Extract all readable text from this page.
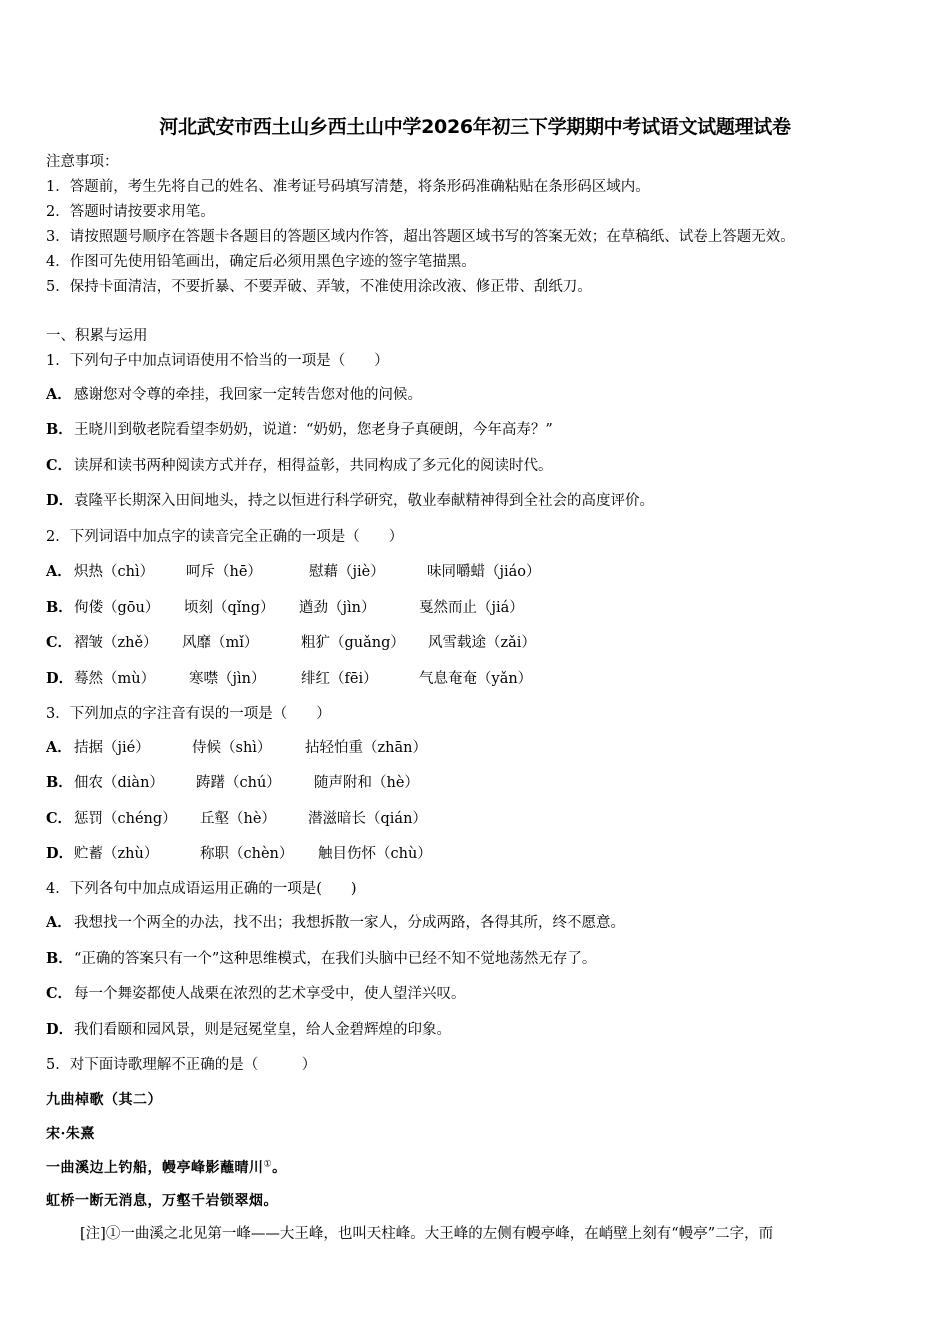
河北武安市西土山乡西土山中学2026年初三下学期期中考试语文试题理试卷
注意事项：
1．答题前，考生先将自己的姓名、准考证号码填写清楚，将条形码准确粘贴在条形码区域内。
2．答题时请按要求用笔。
3．请按照题号顺序在答题卡各题目的答题区域内作答，超出答题区域书写的答案无效；在草稿纸、试卷上答题无效。
4．作图可先使用铅笔画出，确定后必须用黑色字迹的签字笔描黑。
5．保持卡面清洁，不要折暴、不要弄破、弄皱，不准使用涂改液、修正带、刮纸刀。
一、积累与运用
1．下列句子中加点词语使用不恰当的一项是（　　）
A． 感谢您对令尊的牵挂，我回家一定转告您对他的问候。
B．王晓川到敬老院看望李奶奶，说道：“奶奶，您老身子真硬朗，今年高寿？”
C． 读屏和读书两种阅读方式并存，相得益彰，共同构成了多元化的阅读时代。
D．袁隆平长期深入田间地头，持之以恒进行科学研究，敬业奉献精神得到全社会的高度评价。
2．下列词语中加点字的读音完全正确的一项是（　　）
A． 炽热（chì） 呵斥（hē）	慰藉（jiè）	味同嚼蜡（jiáo）
B．佝偻（gōu） 顷刻（qǐng） 遒劲（jìn）	戛然而止（jiá）
C． 褶皱（zhě） 风靡（mǐ）	粗犷（guǎng） 风雪载途（zǎi）
D．蓦然（mù） 寒噤（jìn） 绯红（fēi）	气息奄奄（yǎn）
3．下列加点的字注音有误的一项是（　　）
A． 拮据（jié）	侍候（shì） 拈轻怕重（zhān）
B．佃农（diàn） 踌躇（chú） 随声附和（hè）
C． 惩罚（chéng） 丘壑（hè） 潜滋暗长（qián）
D．贮蓄（zhù）	称职（chèn） 触目伤怀（chù）
4．下列各句中加点成语运用正确的一项是(　　)
A． 我想找一个两全的办法，找不出；我想拆散一家人，分成两路，各得其所，终不愿意。
B．“正确的答案只有一个”这种思维模式，在我们头脑中已经不知不觉地荡然无存了。
C． 每一个舞姿都使人战栗在浓烈的艺术享受中，使人望洋兴叹。
D．我们看颐和园风景，则是冠冕堂皇，给人金碧辉煌的印象。
5．对下面诗歌理解不正确的是（　　　）
九曲棹歌（其二）
宋·朱熹
一曲溪边上钓船，幔亭峰影蘸晴川①。
虹桥一断无消息，万壑千岩锁翠烟。
[注]①一曲溪之北见第一峰——大王峰，也叫天柱峰。大王峰的左侧有幔亭峰，在峭壁上刻有“幔亭”二字，而
